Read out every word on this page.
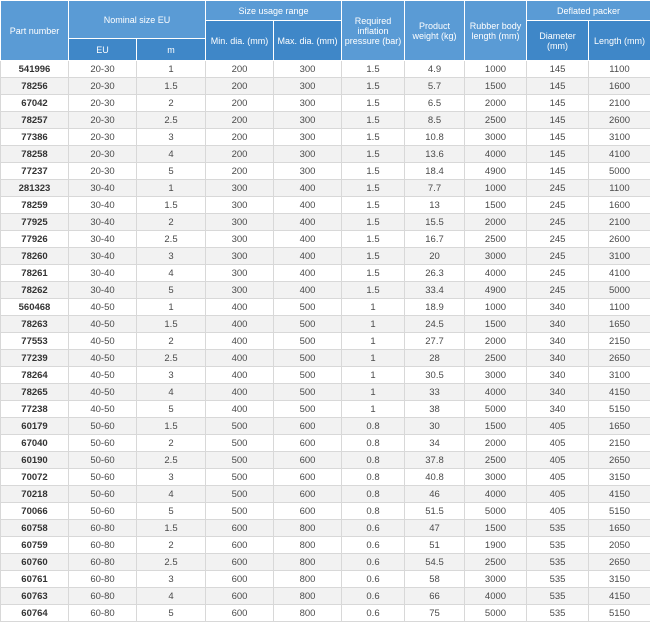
Part number	Nominal size EU		Size usage range		Required inflation pressure (bar)	Product weight (kg)	Rubber body length (mm)	Deflated packer	
			Min. dia. (mm)	Max. dia. (mm)				Diameter (mm)	Length (mm)
	EU	m							
541996	20-30	1	200	300	1.5	4.9	1000	145	1100
78256	20-30	1.5	200	300	1.5	5.7	1500	145	1600
67042	20-30	2	200	300	1.5	6.5	2000	145	2100
78257	20-30	2.5	200	300	1.5	8.5	2500	145	2600
77386	20-30	3	200	300	1.5	10.8	3000	145	3100
78258	20-30	4	200	300	1.5	13.6	4000	145	4100
77237	20-30	5	200	300	1.5	18.4	4900	145	5000
281323	30-40	1	300	400	1.5	7.7	1000	245	1100
78259	30-40	1.5	300	400	1.5	13	1500	245	1600
77925	30-40	2	300	400	1.5	15.5	2000	245	2100
77926	30-40	2.5	300	400	1.5	16.7	2500	245	2600
78260	30-40	3	300	400	1.5	20	3000	245	3100
78261	30-40	4	300	400	1.5	26.3	4000	245	4100
78262	30-40	5	300	400	1.5	33.4	4900	245	5000
560468	40-50	1	400	500	1	18.9	1000	340	1100
78263	40-50	1.5	400	500	1	24.5	1500	340	1650
77553	40-50	2	400	500	1	27.7	2000	340	2150
77239	40-50	2.5	400	500	1	28	2500	340	2650
78264	40-50	3	400	500	1	30.5	3000	340	3100
78265	40-50	4	400	500	1	33	4000	340	4150
77238	40-50	5	400	500	1	38	5000	340	5150
60179	50-60	1.5	500	600	0.8	30	1500	405	1650
67040	50-60	2	500	600	0.8	34	2000	405	2150
60190	50-60	2.5	500	600	0.8	37.8	2500	405	2650
70072	50-60	3	500	600	0.8	40.8	3000	405	3150
70218	50-60	4	500	600	0.8	46	4000	405	4150
70066	50-60	5	500	600	0.8	51.5	5000	405	5150
60758	60-80	1.5	600	800	0.6	47	1500	535	1650
60759	60-80	2	600	800	0.6	51	1900	535	2050
60760	60-80	2.5	600	800	0.6	54.5	2500	535	2650
60761	60-80	3	600	800	0.6	58	3000	535	3150
60763	60-80	4	600	800	0.6	66	4000	535	4150
60764	60-80	5	600	800	0.6	75	5000	535	5150
